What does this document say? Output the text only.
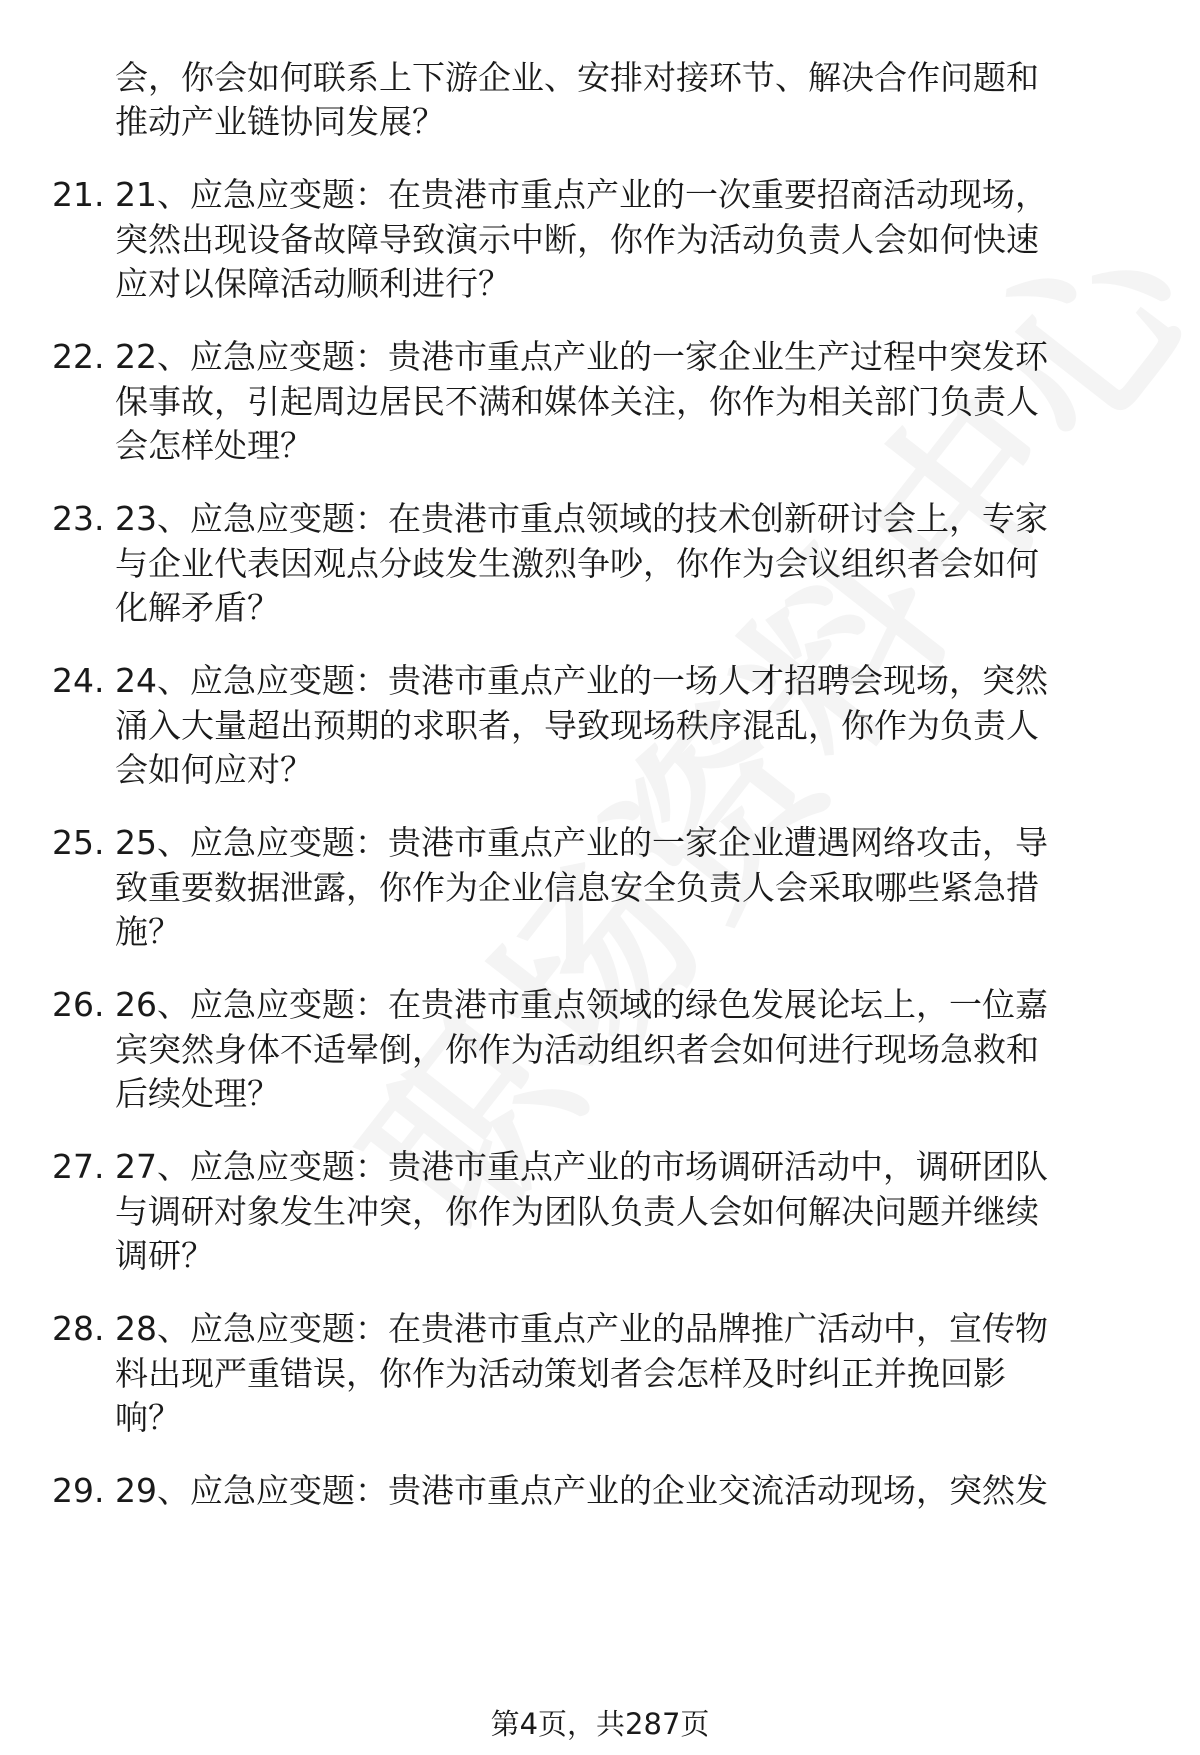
会，你会如何联系上下游企业、安排对接环节、解决合作问题和
推动产业链协同发展？
21. 21、应急应变题：在贵港市重点产业的一次重要招商活动现场，
突然出现设备故障导致演示中断，你作为活动负责人会如何快速
应对以保障活动顺利进行？
22. 22、应急应变题：贵港市重点产业的一家企业生产过程中突发环
保事故，引起周边居民不满和媒体关注，你作为相关部门负责人
会怎样处理？
23. 23、应急应变题：在贵港市重点领域的技术创新研讨会上，专家
与企业代表因观点分歧发生激烈争吵，你作为会议组织者会如何
化解矛盾？
24. 24、应急应变题：贵港市重点产业的一场人才招聘会现场，突然
涌入大量超出预期的求职者，导致现场秩序混乱，你作为负责人
会如何应对？
25. 25、应急应变题：贵港市重点产业的一家企业遭遇网络攻击，导
致重要数据泄露，你作为企业信息安全负责人会采取哪些紧急措
施？
26. 26、应急应变题：在贵港市重点领域的绿色发展论坛上，一位嘉
宾突然身体不适晕倒，你作为活动组织者会如何进行现场急救和
后续处理？
27. 27、应急应变题：贵港市重点产业的市场调研活动中，调研团队
与调研对象发生冲突，你作为团队负责人会如何解决问题并继续
调研？
28. 28、应急应变题：在贵港市重点产业的品牌推广活动中，宣传物
料出现严重错误，你作为活动策划者会怎样及时纠正并挽回影
响？
29. 29、应急应变题：贵港市重点产业的企业交流活动现场，突然发
第4页，共287页
